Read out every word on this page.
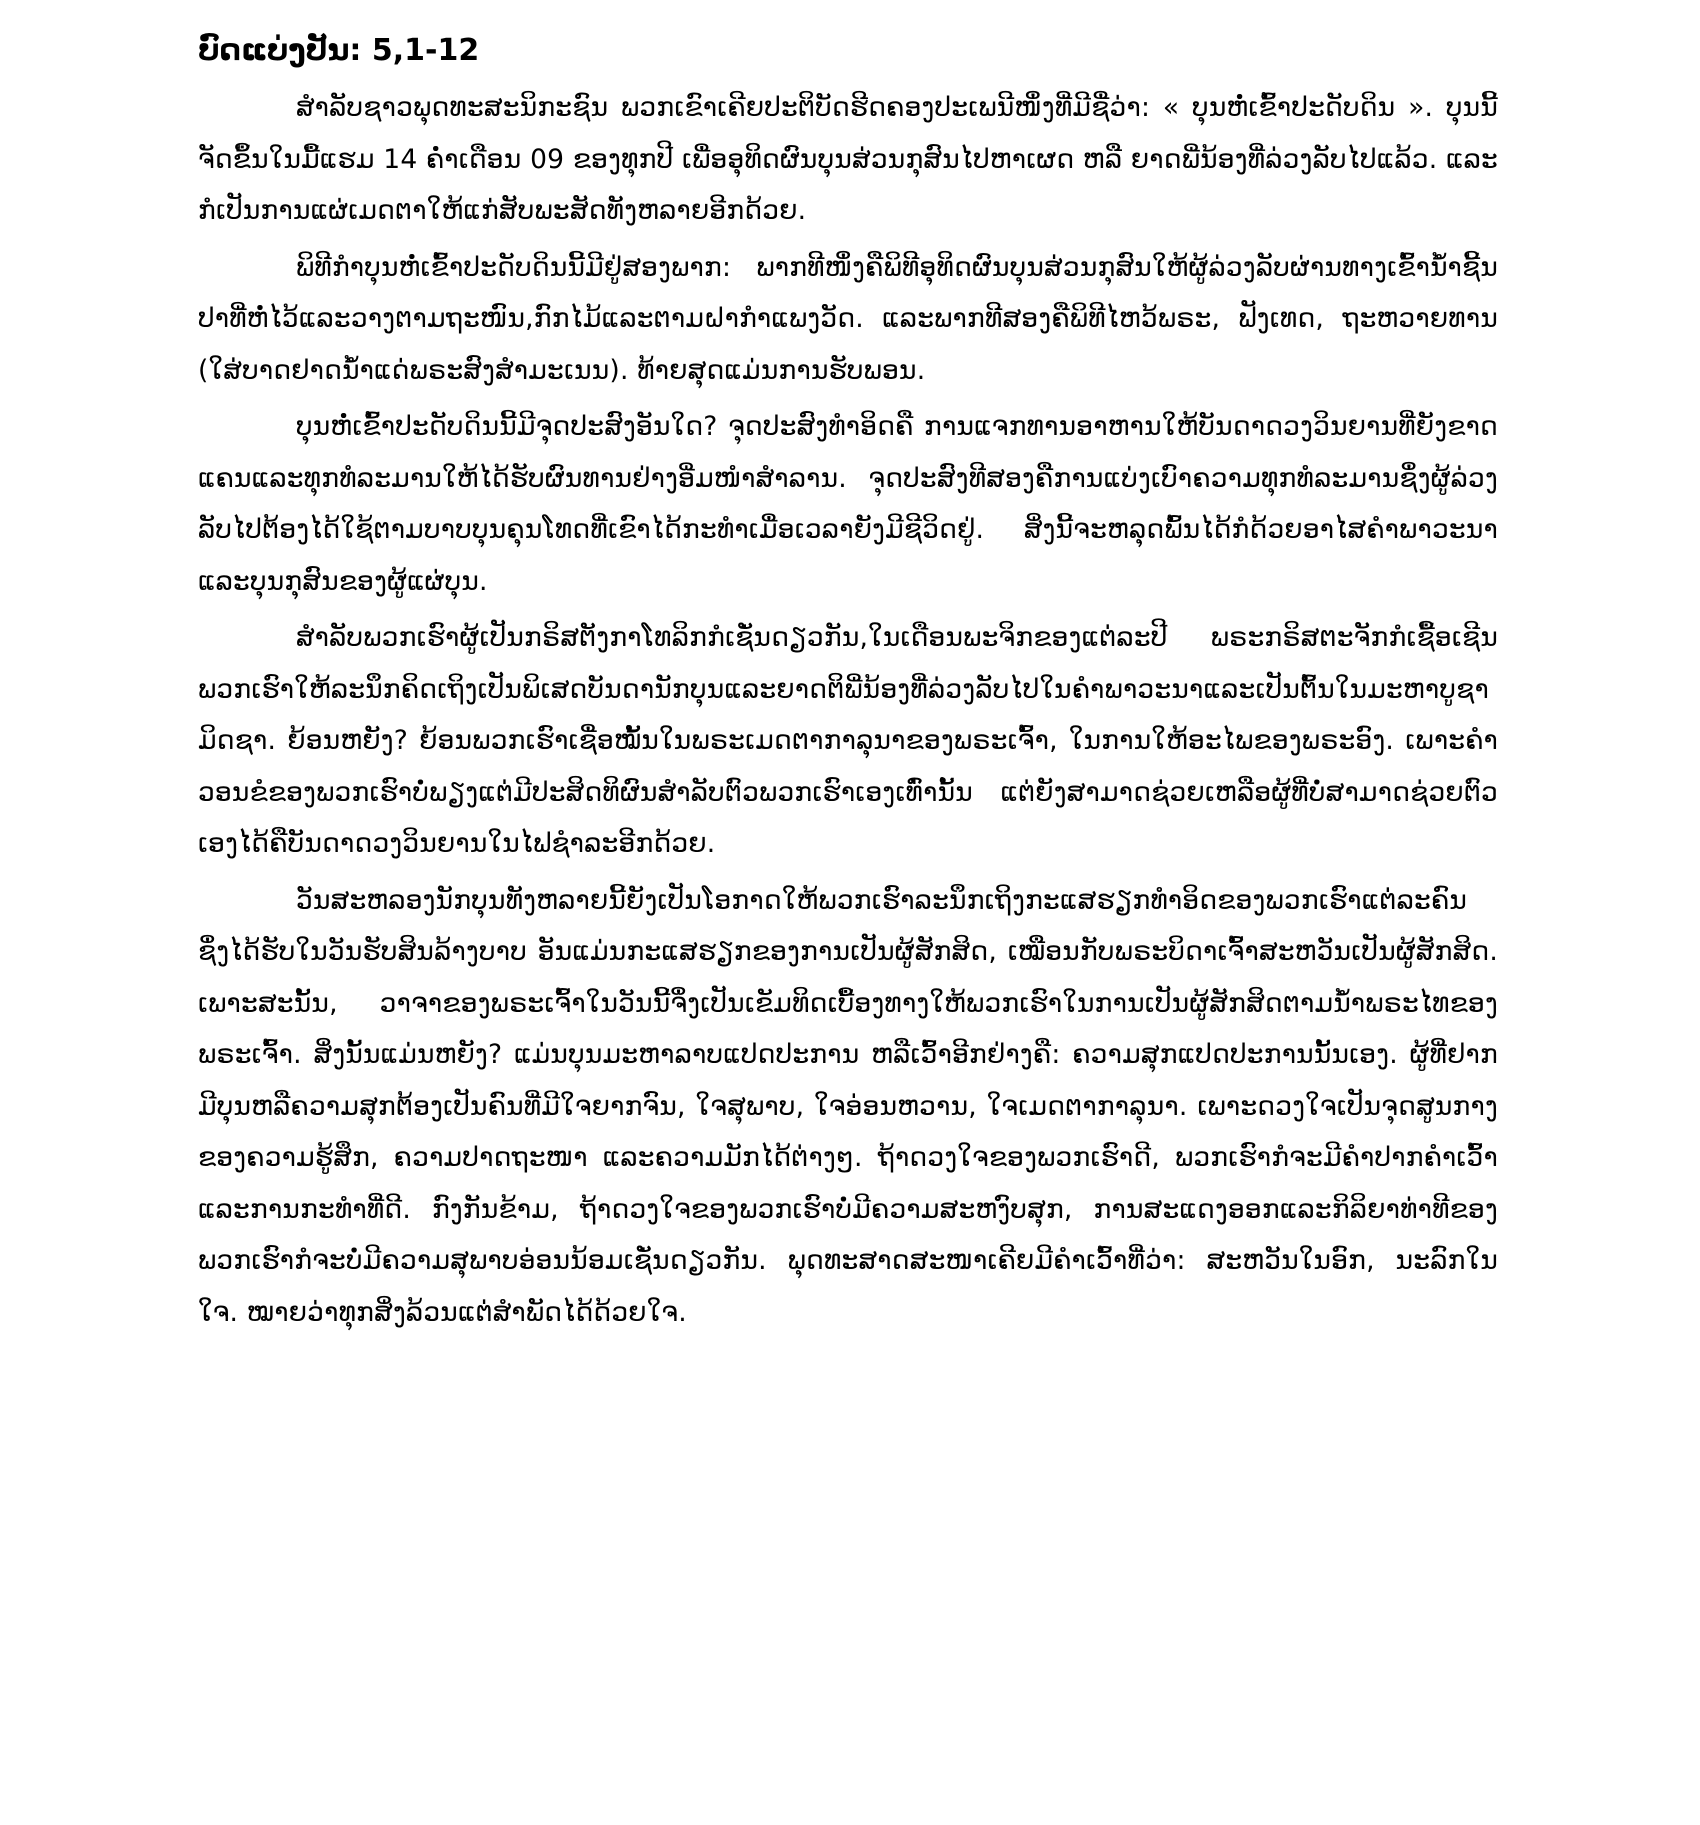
ບົດແບ່ງປັນ: 5,1-12

ສຳລັບຊາວພຸດທະສະນິກະຊົນ ພວກເຂົາເຄີຍປະຕິບັດຮີດຄອງປະເພນີໜຶ່ງທີ່ມີຊື່ວ່າ: « ບຸນຫໍ່ເຂົ້າປະດັບດິນ ». ບຸນນີ້ຈັດຂຶ້ນໃນມື້ແຮມ 14 ຄ່ຳເດືອນ 09 ຂອງທຸກປີ ເພື່ອອຸທິດຜົນບຸນສ່ວນກຸສົນໄປຫາເຜດ ຫລື ຍາດພີ່ນ້ອງທີ່ລ່ວງລັບໄປແລ້ວ. ແລະກໍເປັນການແຜ່ເມດຕາໃຫ້ແກ່ສັບພະສັດທັງຫລາຍອີກດ້ວຍ.

ພິທີກຳບຸນຫໍ່ເຂົ້າປະດັບດິນນີ້ມີຢູ່ສອງພາກ: ພາກທີໜຶ່ງຄືພິທີອຸທິດຜົນບຸນສ່ວນກຸສົນໃຫ້ຜູ້ລ່ວງລັບຜ່ານທາງເຂົ້ານ້ຳຊີ້ນປາທີ່ຫໍ່ໄວ້ແລະວາງຕາມຖະໜົນ,ກົກໄມ້ແລະຕາມຝາກຳແພງວັດ. ແລະພາກທີສອງຄືພິທີໄຫວ້ພຣະ, ຟັງເທດ, ຖະຫວາຍທານ (ໃສ່ບາດຢາດນ້ຳແດ່ພຣະສົງສຳມະເນນ). ທ້າຍສຸດແມ່ນການຮັບພອນ.

ບຸນຫໍ່ເຂົ້າປະດັບດິນນີ້ມີຈຸດປະສົງອັນໃດ? ຈຸດປະສົງທຳອິດຄື ການແຈກທານອາຫານໃຫ້ບັນດາດວງວິນຍານທີ່ຍັງຂາດແຄນແລະທຸກທໍລະມານໃຫ້ໄດ້ຮັບຜົນທານຢ່າງອີ່ມໜຳສຳລານ. ຈຸດປະສົງທີສອງຄືການແບ່ງເບົາຄວາມທຸກທໍລະມານຊຶ່ງຜູ້ລ່ວງລັບໄປຕ້ອງໄດ້ໃຊ້ຕາມບາບບຸນຄຸນໂທດທີ່ເຂົາໄດ້ກະທຳເມື່ອເວລາຍັງມີຊີວິດຢູ່. ສິ່ງນີ້ຈະຫລຸດພົ້ນໄດ້ກໍດ້ວຍອາໄສຄຳພາວະນາແລະບຸນກຸສົນຂອງຜູ້ແຜ່ບຸນ.

ສຳລັບພວກເຮົາຜູ້ເປັນກຣິສຕັງກາໂທລິກກໍເຊັ່ນດຽວກັນ,ໃນເດືອນພະຈິກຂອງແຕ່ລະປີ ພຣະກຣິສຕະຈັກກໍເຊື້ອເຊີນພວກເຮົາໃຫ້ລະນຶກຄິດເຖິງເປັນພິເສດບັນດານັກບຸນແລະຍາດຕິພີ່ນ້ອງທີ່ລ່ວງລັບໄປໃນຄຳພາວະນາແລະເປັນຕົ້ນໃນມະຫາບູຊາມິດຊາ. ຍ້ອນຫຍັງ? ຍ້ອນພວກເຮົາເຊື່ອໝັ້ນໃນພຣະເມດຕາກາລຸນາຂອງພຣະເຈົ້າ, ໃນການໃຫ້ອະໄພຂອງພຣະອົງ. ເພາະຄຳວອນຂໍຂອງພວກເຮົາບໍ່ພຽງແຕ່ມີປະສິດທິຜົນສຳລັບຕົວພວກເຮົາເອງເທົ່ານັ້ນ ແຕ່ຍັງສາມາດຊ່ວຍເຫລືອຜູ້ທີ່ບໍ່ສາມາດຊ່ວຍຕົວເອງໄດ້ຄືບັນດາດວງວິນຍານໃນໄຟຊຳລະອີກດ້ວຍ.

ວັນສະຫລອງນັກບຸນທັງຫລາຍນີ້ຍັງເປັນໂອກາດໃຫ້ພວກເຮົາລະນຶກເຖິງກະແສຮຽກທຳອິດຂອງພວກເຮົາແຕ່ລະຄົນຊຶ່ງໄດ້ຮັບໃນວັນຮັບສິນລ້າງບາບ ອັນແມ່ນກະແສຮຽກຂອງການເປັນຜູ້ສັກສິດ, ເໝືອນກັບພຣະບິດາເຈົ້າສະຫວັນເປັນຜູ້ສັກສິດ. ເພາະສະນັ້ນ, ວາຈາຂອງພຣະເຈົ້າໃນວັນນີ້ຈຶ່ງເປັນເຂັມທິດເບື້ອງທາງໃຫ້ພວກເຮົາໃນການເປັນຜູ້ສັກສິດຕາມນ້ຳພຣະໄທຂອງພຣະເຈົ້າ. ສິ່ງນັ້ນແມ່ນຫຍັງ? ແມ່ນບຸນມະຫາລາບແປດປະການ ຫລືເວົ້າອີກຢ່າງຄື: ຄວາມສຸກແປດປະການນັ້ນເອງ. ຜູ້ທີ່ຢາກມີບຸນຫລືຄວາມສຸກຕ້ອງເປັນຄົນທີ່ມີໃຈຍາກຈົນ, ໃຈສຸພາບ, ໃຈອ່ອນຫວານ, ໃຈເມດຕາກາລຸນາ. ເພາະດວງໃຈເປັນຈຸດສູນກາງຂອງຄວາມຮູ້ສຶກ, ຄວາມປາດຖະໜາ ແລະຄວາມມັກໄດ້ຕ່າງໆ. ຖ້າດວງໃຈຂອງພວກເຮົາດີ, ພວກເຮົາກໍຈະມີຄຳປາກຄຳເວົ້າແລະການກະທຳທີ່ດີ. ກົງກັນຂ້າມ, ຖ້າດວງໃຈຂອງພວກເຮົາບໍ່ມີຄວາມສະຫງົບສຸກ, ການສະແດງອອກແລະກິລິຍາທ່າທີຂອງພວກເຮົາກໍຈະບໍ່ມີຄວາມສຸພາບອ່ອນນ້ອມເຊັ່ນດຽວກັນ. ພຸດທະສາດສະໜາເຄີຍມີຄຳເວົ້າທີ່ວ່າ: ສະຫວັນໃນອົກ, ນະລົກໃນໃຈ. ໝາຍວ່າທຸກສິ່ງລ້ວນແຕ່ສຳພັດໄດ້ດ້ວຍໃຈ.
